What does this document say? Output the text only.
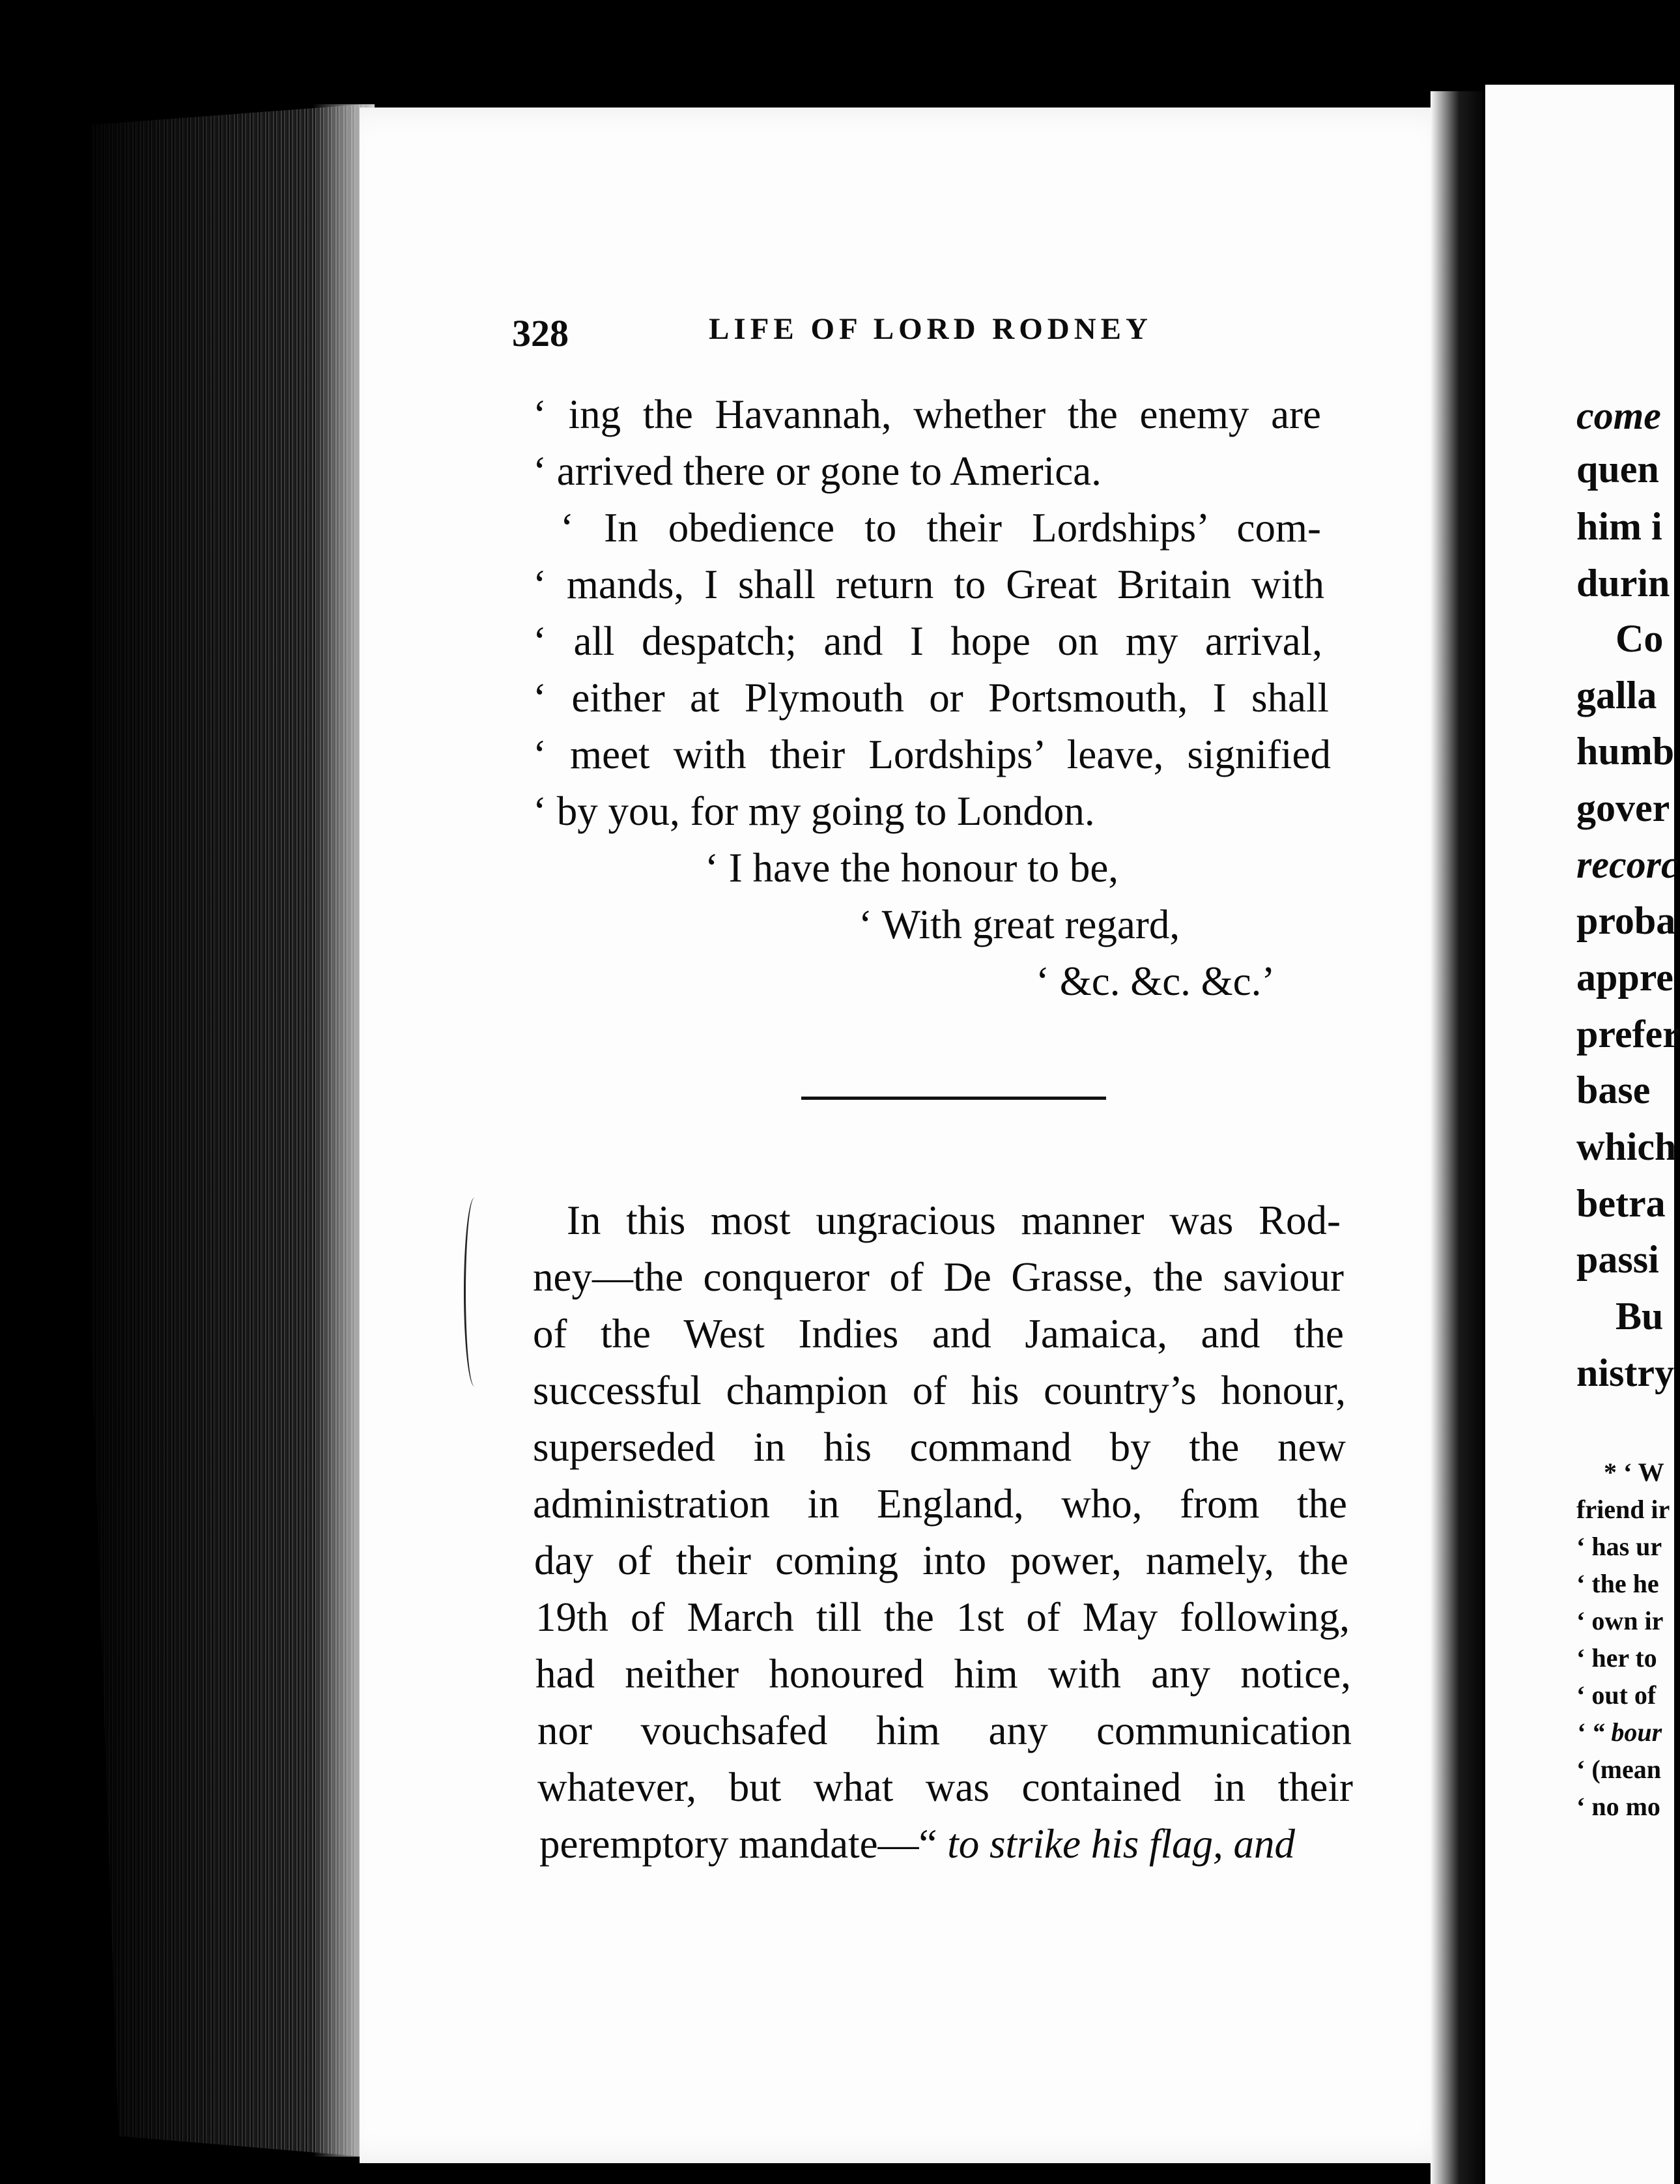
come
quen
him i
durin
Co
galla
humb
gover
recorc
proba
appre
prefer
base
which
betra
passi
Bu
nistry
* ‘ W
friend ir
‘ has ur
‘ the he
‘ own ir
‘ her to
‘ out of
‘ “ bour
‘ (mean
‘ no mo
328	LIFE OF LORD RODNEY
‘ ing the Havannah, whether the enemy are
‘ arrived there or gone to America.
‘ In obedience to their Lordships’ com-
‘ mands, I shall return to Great Britain with
‘ all despatch; and I hope on my arrival,
‘ either at Plymouth or Portsmouth, I shall
‘ meet with their Lordships’ leave, signified
‘ by you, for my going to London.
‘ I have the honour to be,
‘ With great regard,
‘ &c. &c. &c.’
In this most ungracious manner was Rod-
ney—the conqueror of De Grasse, the saviour
of the West Indies and Jamaica, and the
successful champion of his country’s honour,
superseded in his command by the new
administration in England, who, from the
day of their coming into power, namely, the
19th of March till the 1st of May following,
had neither honoured him with any notice,
nor vouchsafed him any communication
whatever, but what was contained in their
peremptory mandate—“ to strike his flag, and
